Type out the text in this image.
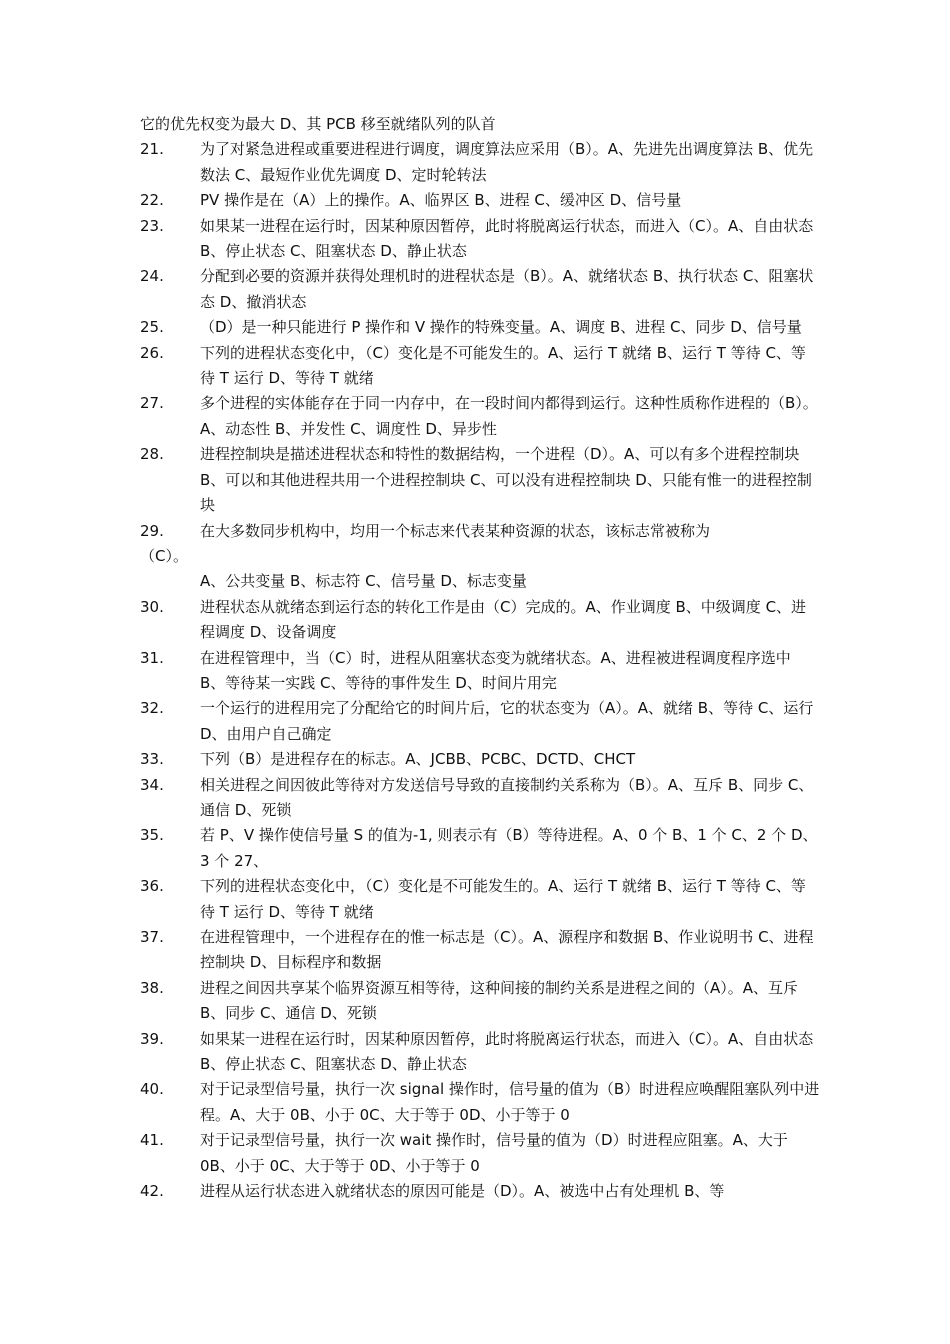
它的优先权变为最大 D、其 PCB 移至就绪队列的队首

21. 为了对紧急进程或重要进程进行调度，调度算法应采用（B）。A、先进先出调度算法 B、优先数法 C、最短作业优先调度 D、定时轮转法
22. PV 操作是在（A）上的操作。A、临界区 B、进程 C、缓冲区 D、信号量
23. 如果某一进程在运行时，因某种原因暂停，此时将脱离运行状态，而进入（C）。A、自由状态 B、停止状态 C、阻塞状态 D、静止状态
24. 分配到必要的资源并获得处理机时的进程状态是（B）。A、就绪状态 B、执行状态 C、阻塞状态 D、撤消状态
25. （D）是一种只能进行 P 操作和 V 操作的特殊变量。A、调度 B、进程 C、同步 D、信号量
26. 下列的进程状态变化中，（C）变化是不可能发生的。A、运行 T 就绪 B、运行 T 等待 C、等待 T 运行 D、等待 T 就绪
27. 多个进程的实体能存在于同一内存中，在一段时间内都得到运行。这种性质称作进程的（B）。A、动态性 B、并发性 C、调度性 D、异步性
28. 进程控制块是描述进程状态和特性的数据结构，一个进程（D）。A、可以有多个进程控制块 B、可以和其他进程共用一个进程控制块 C、可以没有进程控制块 D、只能有惟一的进程控制块
29. 在大多数同步机构中，均用一个标志来代表某种资源的状态，该标志常被称为
（C）。
A、公共变量 B、标志符 C、信号量 D、标志变量
30. 进程状态从就绪态到运行态的转化工作是由（C）完成的。A、作业调度 B、中级调度 C、进程调度 D、设备调度
31. 在进程管理中，当（C）时，进程从阻塞状态变为就绪状态。A、进程被进程调度程序选中 B、等待某一实践 C、等待的事件发生 D、时间片用完
32. 一个运行的进程用完了分配给它的时间片后，它的状态变为（A）。A、就绪 B、等待 C、运行 D、由用户自己确定
33. 下列（B）是进程存在的标志。A、JCBB、PCBC、DCTD、CHCT
34. 相关进程之间因彼此等待对方发送信号导致的直接制约关系称为（B）。A、互斥 B、同步 C、通信 D、死锁
35. 若 P、V 操作使信号量 S 的值为-1, 则表示有（B）等待进程。A、0 个 B、1 个 C、2 个 D、3 个 27、
36. 下列的进程状态变化中，（C）变化是不可能发生的。A、运行 T 就绪 B、运行 T 等待 C、等待 T 运行 D、等待 T 就绪
37. 在进程管理中，一个进程存在的惟一标志是（C）。A、源程序和数据 B、作业说明书 C、进程控制块 D、目标程序和数据
38. 进程之间因共享某个临界资源互相等待，这种间接的制约关系是进程之间的（A）。A、互斥 B、同步 C、通信 D、死锁
39. 如果某一进程在运行时，因某种原因暂停，此时将脱离运行状态，而进入（C）。A、自由状态 B、停止状态 C、阻塞状态 D、静止状态
40. 对于记录型信号量，执行一次 signal 操作时，信号量的值为（B）时进程应唤醒阻塞队列中进程。A、大于 0B、小于 0C、大于等于 0D、小于等于 0
41. 对于记录型信号量，执行一次 wait 操作时，信号量的值为（D）时进程应阻塞。A、大于 0B、小于 0C、大于等于 0D、小于等于 0
42. 进程从运行状态进入就绪状态的原因可能是（D）。A、被选中占有处理机 B、等
